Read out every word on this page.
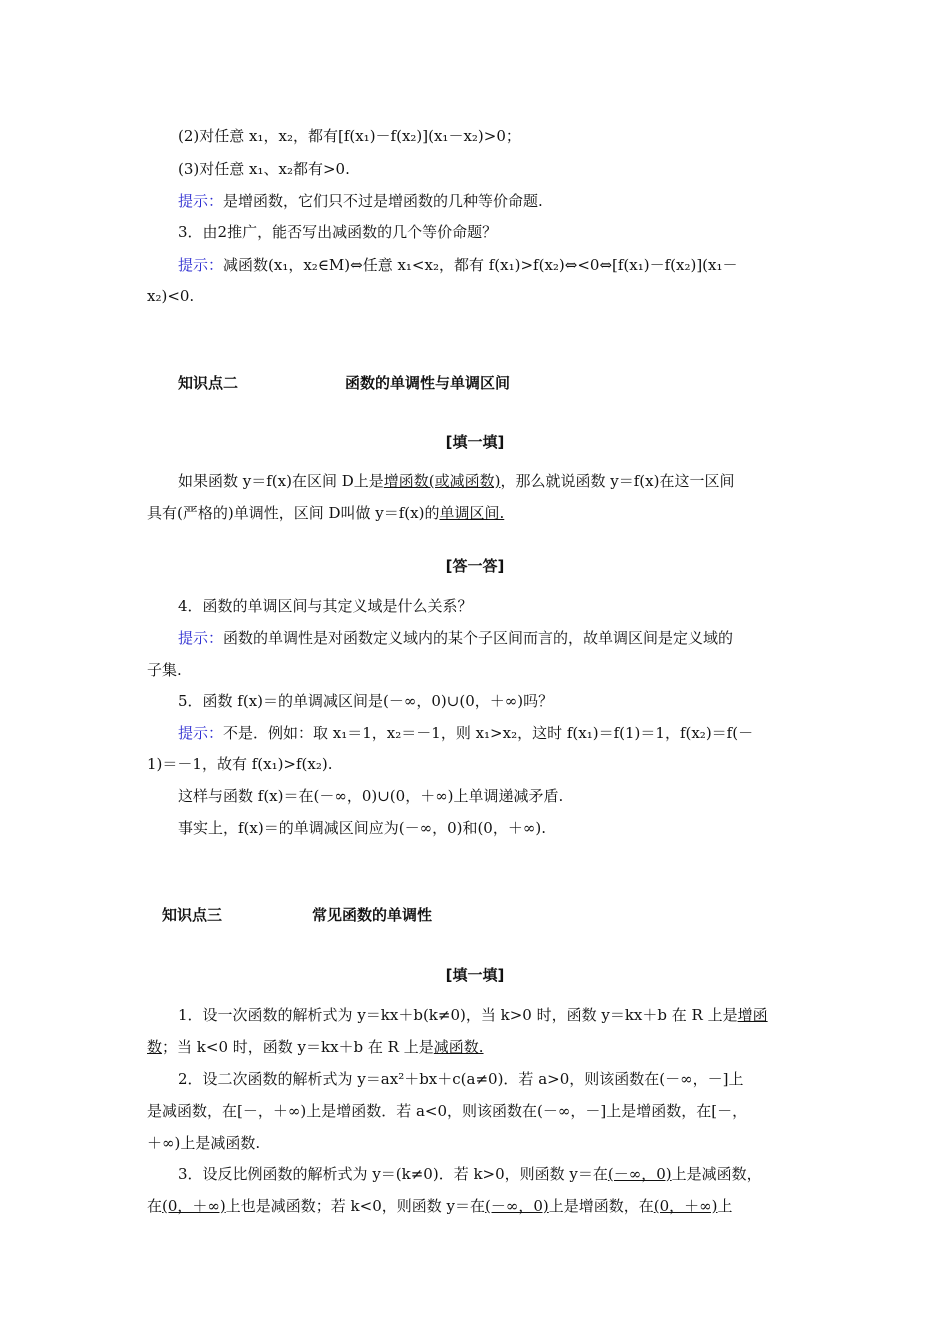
(2)对任意 x₁，x₂，都有[f(x₁)－f(x₂)](x₁－x₂)>0；
(3)对任意 x₁、x₂都有>0.
提示：是增函数，它们只不过是增函数的几种等价命题.
3．由2推广，能否写出减函数的几个等价命题？
提示：减函数(x₁，x₂∈M)⇔任意 x₁<x₂，都有 f(x₁)>f(x₂)⇔<0⇔[f(x₁)－f(x₂)](x₁－
x₂)<0.
知识点二	函数的单调性与单调区间
[填一填]
如果函数 y＝f(x)在区间 D上是增函数(或减函数)，那么就说函数 y＝f(x)在这一区间
具有(严格的)单调性，区间 D叫做 y＝f(x)的单调区间.
[答一答]
4．函数的单调区间与其定义域是什么关系？
提示：函数的单调性是对函数定义域内的某个子区间而言的，故单调区间是定义域的
子集.
5．函数 f(x)＝的单调减区间是(－∞，0)∪(0，＋∞)吗？
提示：不是．例如：取 x₁＝1，x₂＝－1，则 x₁>x₂，这时 f(x₁)＝f(1)＝1，f(x₂)＝f(－
1)＝－1，故有 f(x₁)>f(x₂).
这样与函数 f(x)＝在(－∞，0)∪(0，＋∞)上单调递减矛盾.
事实上，f(x)＝的单调减区间应为(－∞，0)和(0，＋∞).
知识点三	常见函数的单调性
[填一填]
1．设一次函数的解析式为 y＝kx＋b(k≠0)，当 k>0 时，函数 y＝kx＋b 在 R 上是增函
数；当 k<0 时，函数 y＝kx＋b 在 R 上是减函数.
2．设二次函数的解析式为 y＝ax²＋bx＋c(a≠0)．若 a>0，则该函数在(－∞，－]上
是减函数，在[－，＋∞)上是增函数．若 a<0，则该函数在(－∞，－]上是增函数，在[－，
＋∞)上是减函数.
3．设反比例函数的解析式为 y＝(k≠0)．若 k>0，则函数 y＝在(－∞，0)上是减函数，
在(0，＋∞)上也是减函数；若 k<0，则函数 y＝在(－∞，0)上是增函数，在(0，＋∞)上
